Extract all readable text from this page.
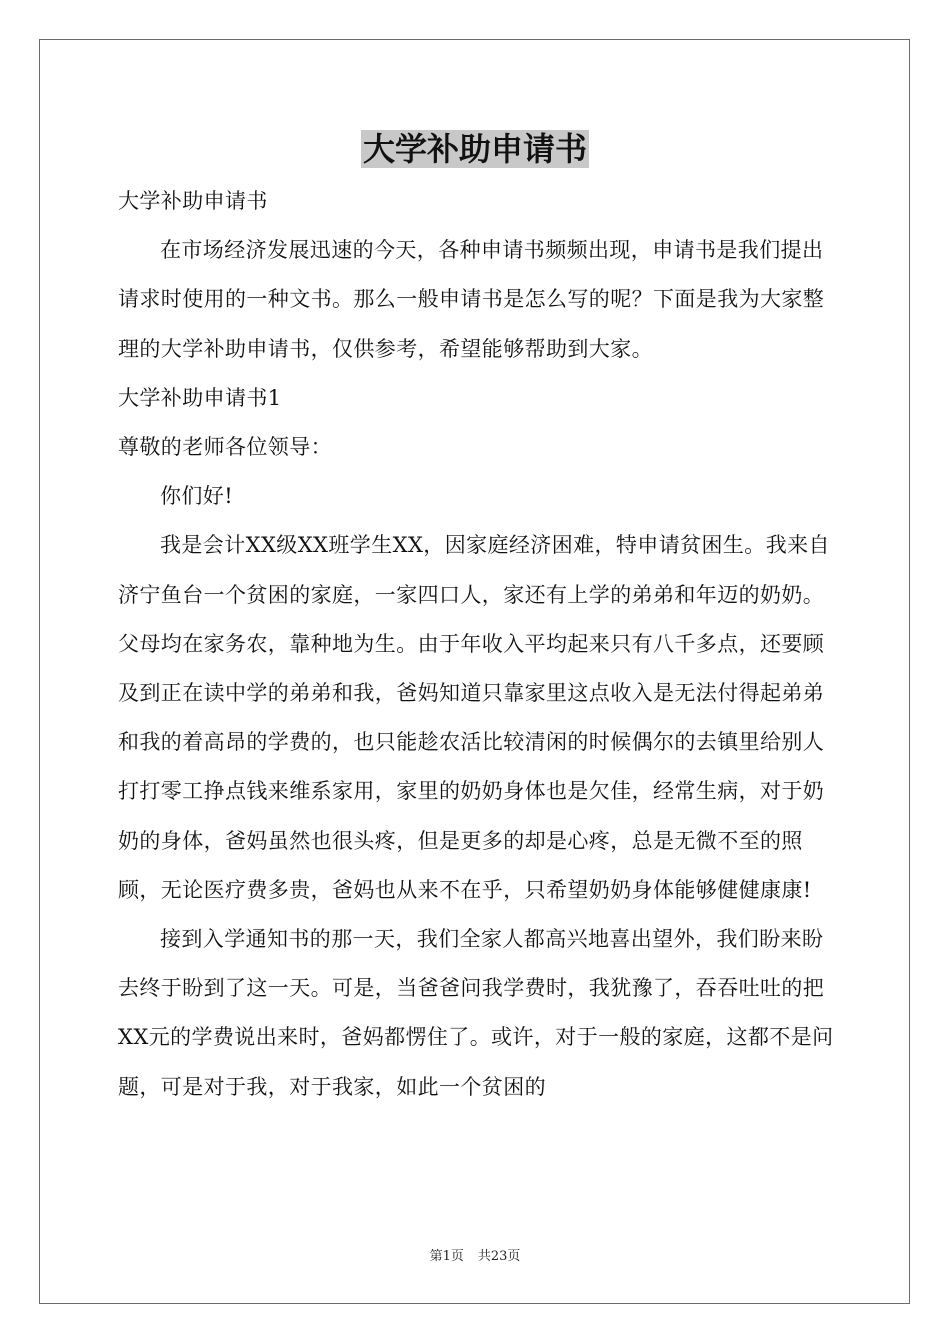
大学补助申请书

大学补助申请书

在市场经济发展迅速的今天，各种申请书频频出现，申请书是我们提出请求时使用的一种文书。那么一般申请书是怎么写的呢？下面是我为大家整理的大学补助申请书，仅供参考，希望能够帮助到大家。

大学补助申请书1

尊敬的老师各位领导：

你们好!

我是会计XX级XX班学生XX，因家庭经济困难，特申请贫困生。我来自济宁鱼台一个贫困的家庭，一家四口人，家还有上学的弟弟和年迈的奶奶。父母均在家务农，靠种地为生。由于年收入平均起来只有八千多点，还要顾及到正在读中学的弟弟和我，爸妈知道只靠家里这点收入是无法付得起弟弟和我的着高昂的学费的，也只能趁农活比较清闲的时候偶尔的去镇里给别人打打零工挣点钱来维系家用，家里的奶奶身体也是欠佳，经常生病，对于奶奶的身体，爸妈虽然也很头疼，但是更多的却是心疼，总是无微不至的照顾，无论医疗费多贵，爸妈也从来不在乎，只希望奶奶身体能够健健康康!

接到入学通知书的那一天，我们全家人都高兴地喜出望外，我们盼来盼去终于盼到了这一天。可是，当爸爸问我学费时，我犹豫了，吞吞吐吐的把XX元的学费说出来时，爸妈都愣住了。或许，对于一般的家庭，这都不是问题，可是对于我，对于我家，如此一个贫困的

第1页 共23页
